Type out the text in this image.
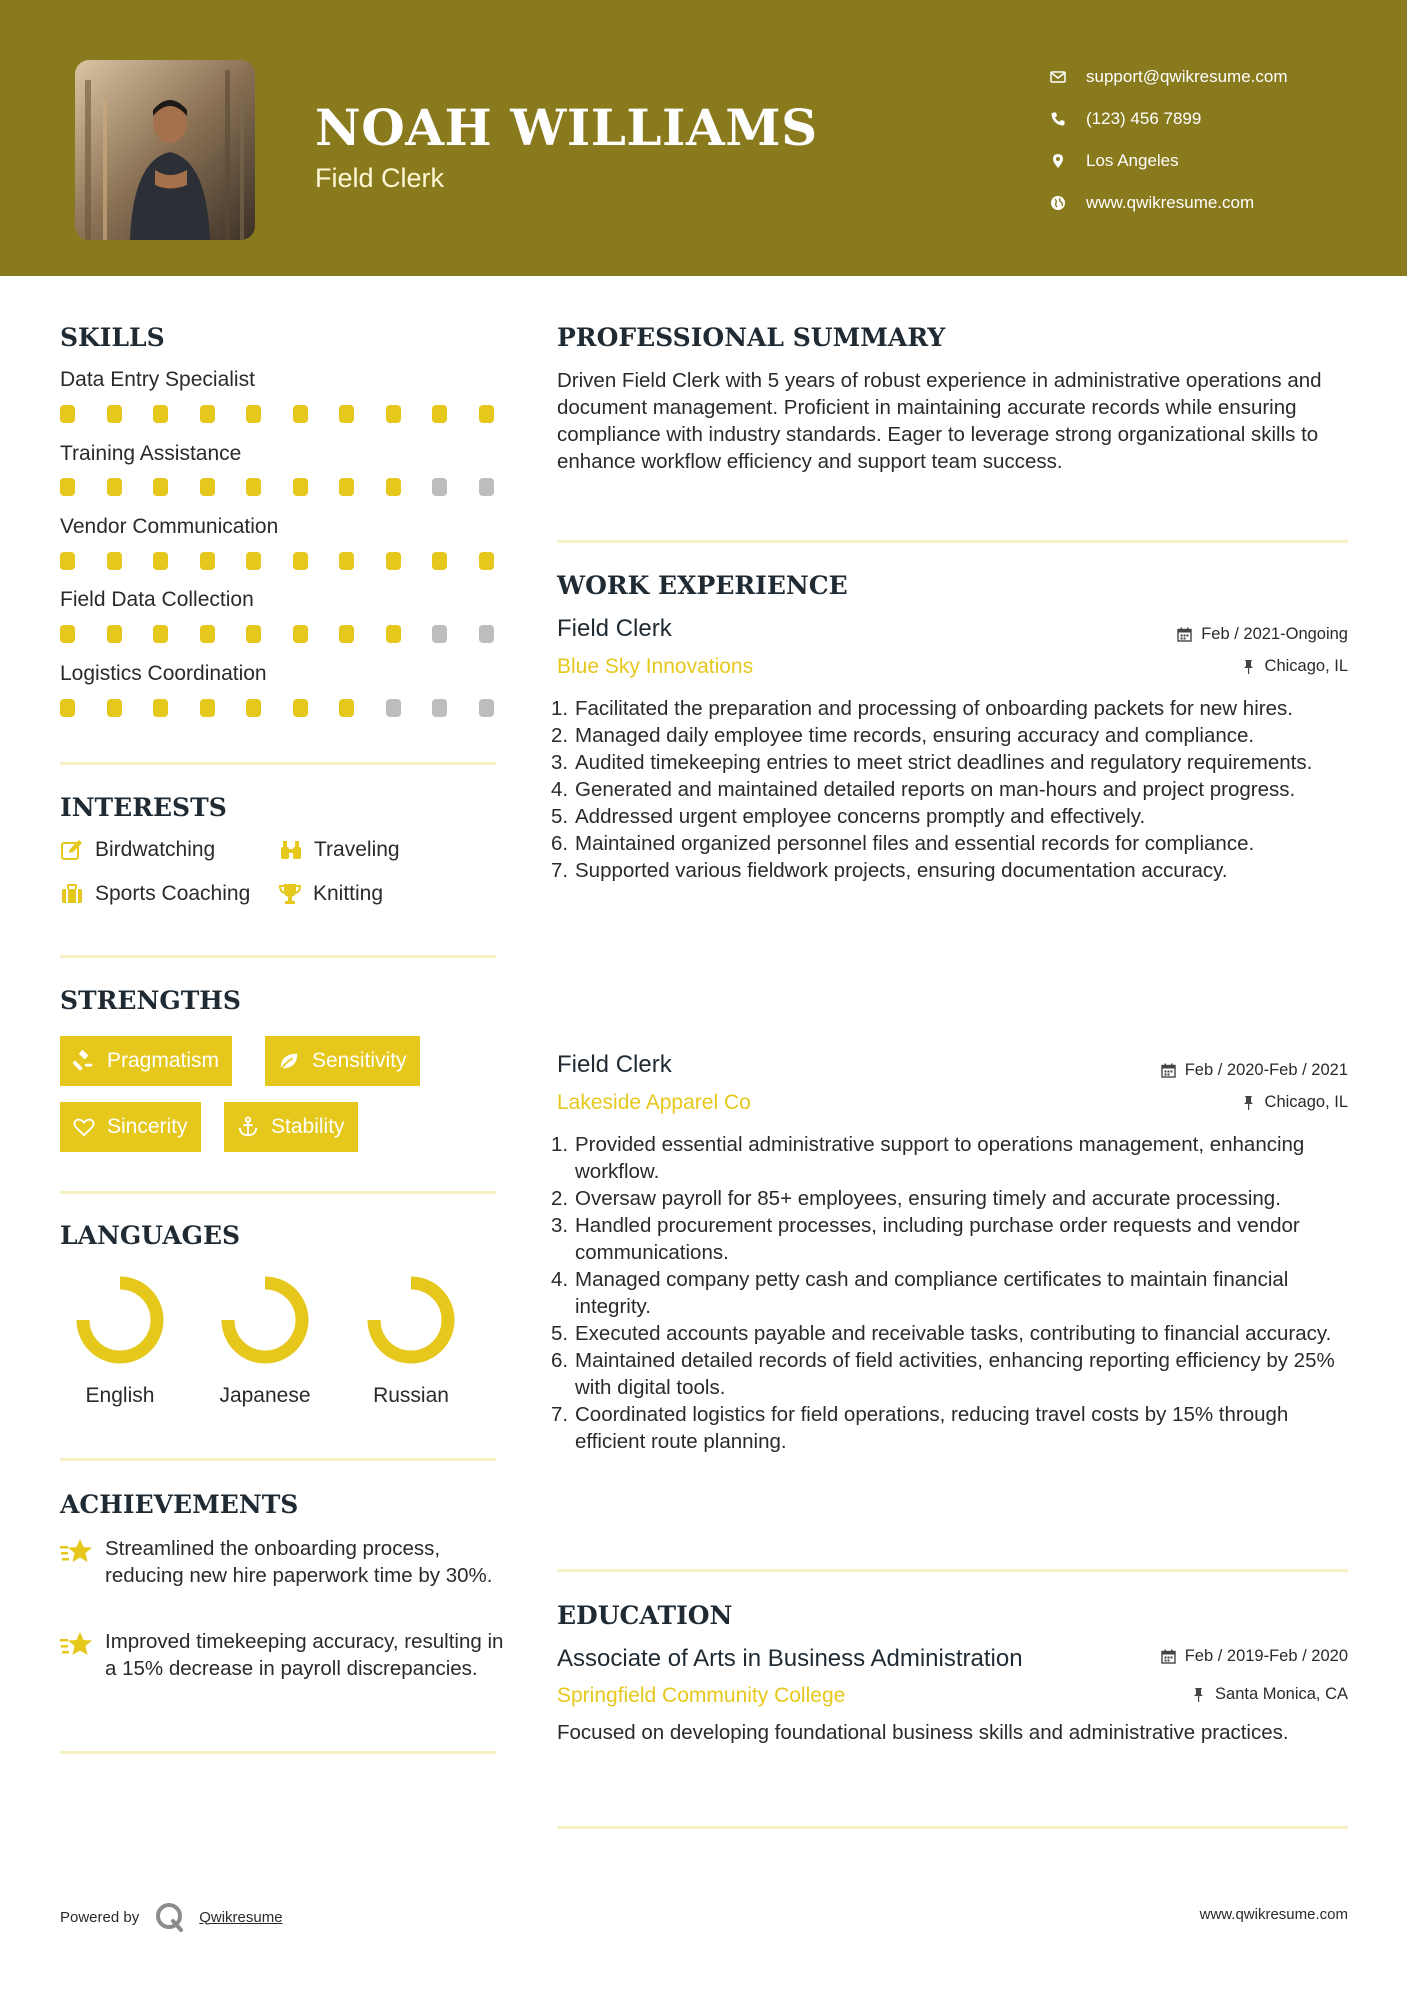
NOAH WILLIAMS
Field Clerk
support@qwikresume.com
(123) 456 7899
Los Angeles
www.qwikresume.com
SKILLS
Data Entry Specialist
Training Assistance
Vendor Communication
Field Data Collection
Logistics Coordination
INTERESTS
Birdwatching	Traveling
Sports Coaching	Knitting
STRENGTHS
Pragmatism	Sensitivity
Sincerity	Stability
LANGUAGES
English	Japanese	Russian
ACHIEVEMENTS
Streamlined the onboarding process, reducing new hire paperwork time by 30%.
Improved timekeeping accuracy, resulting in a 15% decrease in payroll discrepancies.
PROFESSIONAL SUMMARY
Driven Field Clerk with 5 years of robust experience in administrative operations and document management. Proficient in maintaining accurate records while ensuring compliance with industry standards. Eager to leverage strong organizational skills to enhance workflow efficiency and support team success.
WORK EXPERIENCE
Field Clerk	Feb / 2021-Ongoing
Blue Sky Innovations	Chicago, IL
1. Facilitated the preparation and processing of onboarding packets for new hires.
2. Managed daily employee time records, ensuring accuracy and compliance.
3. Audited timekeeping entries to meet strict deadlines and regulatory requirements.
4. Generated and maintained detailed reports on man-hours and project progress.
5. Addressed urgent employee concerns promptly and effectively.
6. Maintained organized personnel files and essential records for compliance.
7. Supported various fieldwork projects, ensuring documentation accuracy.
Field Clerk	Feb / 2020-Feb / 2021
Lakeside Apparel Co	Chicago, IL
1. Provided essential administrative support to operations management, enhancing workflow.
2. Oversaw payroll for 85+ employees, ensuring timely and accurate processing.
3. Handled procurement processes, including purchase order requests and vendor communications.
4. Managed company petty cash and compliance certificates to maintain financial integrity.
5. Executed accounts payable and receivable tasks, contributing to financial accuracy.
6. Maintained detailed records of field activities, enhancing reporting efficiency by 25% with digital tools.
7. Coordinated logistics for field operations, reducing travel costs by 15% through efficient route planning.
EDUCATION
Associate of Arts in Business Administration	Feb / 2019-Feb / 2020
Springfield Community College	Santa Monica, CA
Focused on developing foundational business skills and administrative practices.
Powered by	Qwikresume	www.qwikresume.com
